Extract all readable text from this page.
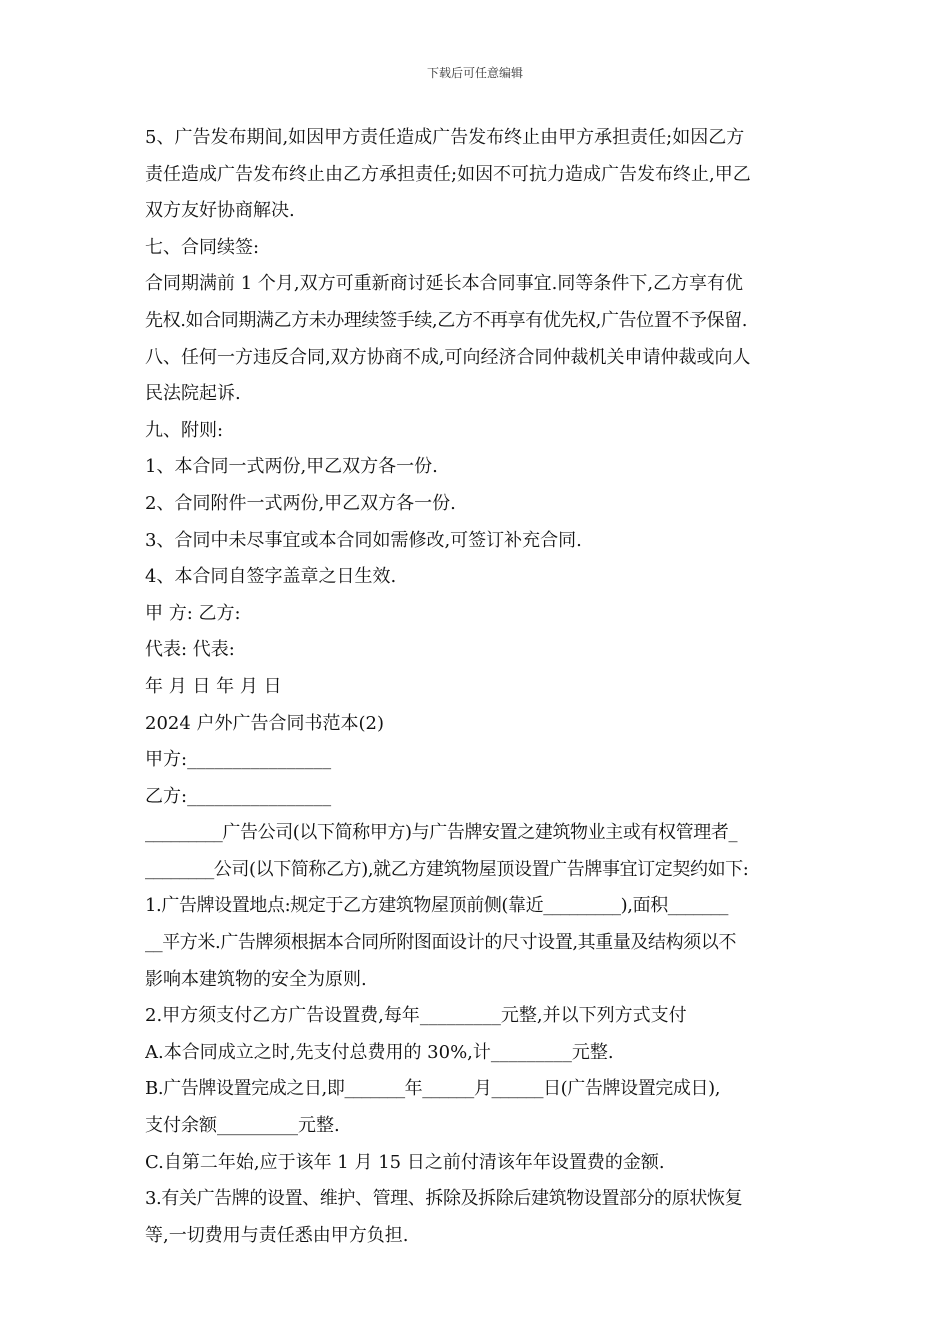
下载后可任意编辑
5、广告发布期间,如因甲方责任造成广告发布终止由甲方承担责任;如因乙方
责任造成广告发布终止由乙方承担责任;如因不可抗力造成广告发布终止,甲乙
双方友好协商解决.
七、合同续签:
合同期满前 1 个月,双方可重新商讨延长本合同事宜.同等条件下,乙方享有优
先权.如合同期满乙方未办理续签手续,乙方不再享有优先权,广告位置不予保留.
八、任何一方违反合同,双方协商不成,可向经济合同仲裁机关申请仲裁或向人
民法院起诉.
九、附则:
1、本合同一式两份,甲乙双方各一份.
2、合同附件一式两份,甲乙双方各一份.
3、合同中未尽事宜或本合同如需修改,可签订补充合同.
4、本合同自签字盖章之日生效.
甲 方: 乙方:
代表: 代表:
年 月 日 年 月 日
2024 户外广告合同书范本(2)
甲方:________________
乙方:________________
_________广告公司(以下简称甲方)与广告牌安置之建筑物业主或有权管理者_
________公司(以下简称乙方),就乙方建筑物屋顶设置广告牌事宜订定契约如下:
1.广告牌设置地点:规定于乙方建筑物屋顶前侧(靠近_________),面积_______
__平方米.广告牌须根据本合同所附图面设计的尺寸设置,其重量及结构须以不
影响本建筑物的安全为原则.
2.甲方须支付乙方广告设置费,每年_________元整,并以下列方式支付
A.本合同成立之时,先支付总费用的 30%,计_________元整.
B.广告牌设置完成之日,即_______年______月______日(广告牌设置完成日),
支付余额_________元整.
C.自第二年始,应于该年 1 月 15 日之前付清该年年设置费的金额.
3.有关广告牌的设置、维护、管理、拆除及拆除后建筑物设置部分的原状恢复
等,一切费用与责任悉由甲方负担.
